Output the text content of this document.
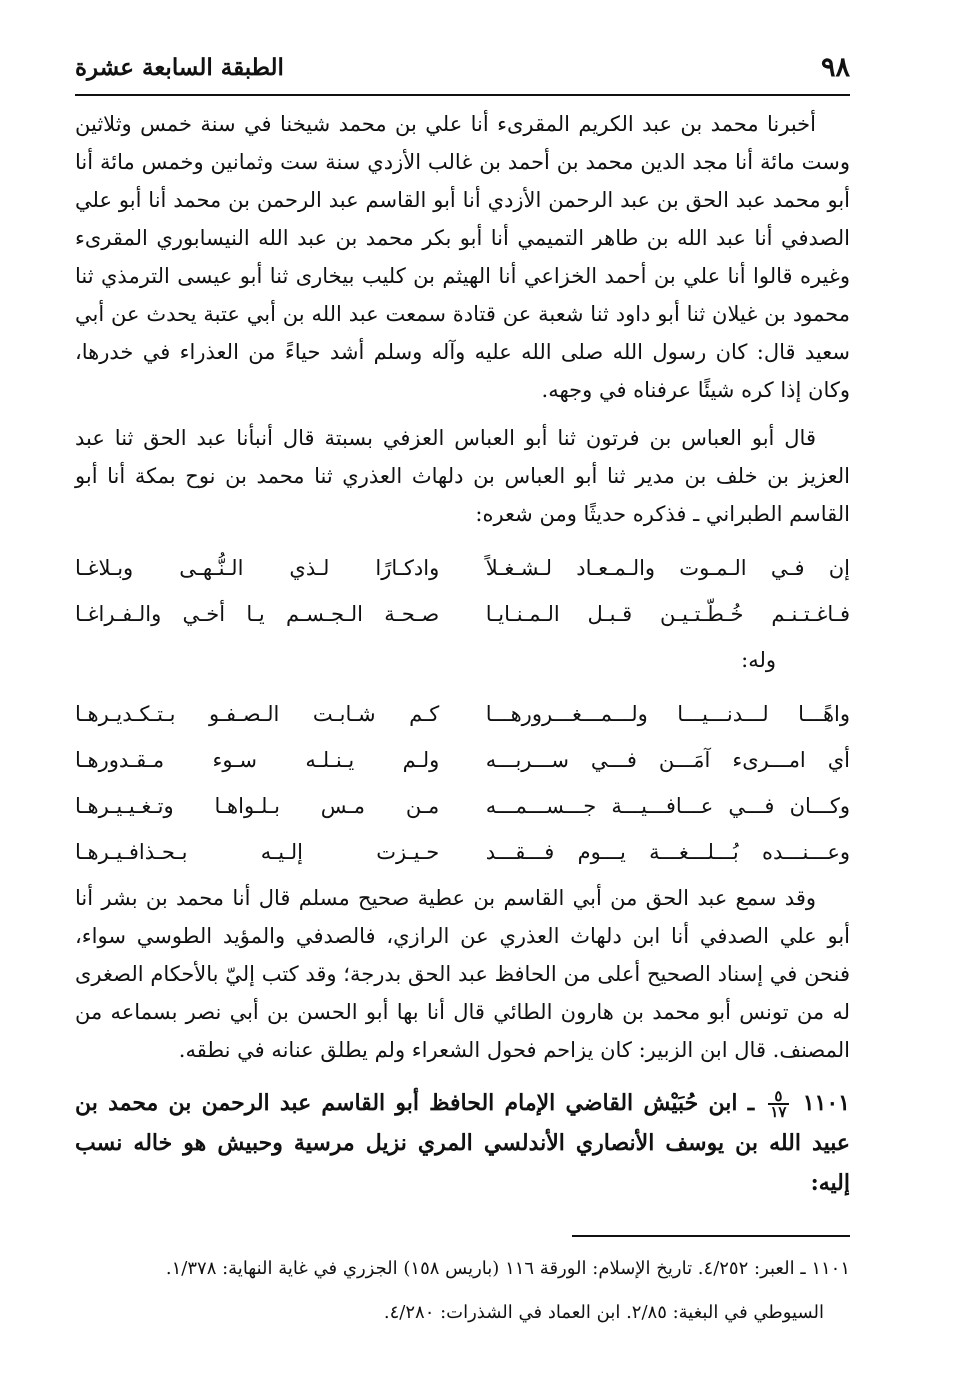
٩٨
الطبقة السابعة عشرة

أخبرنا محمد بن عبد الكريم المقرىء أنا علي بن محمد شيخنا في سنة خمس وثلاثين وست مائة أنا مجد الدين محمد بن أحمد بن غالب الأزدي سنة ست وثمانين وخمس مائة أنا أبو محمد عبد الحق بن عبد الرحمن الأزدي أنا أبو القاسم عبد الرحمن بن محمد أنا أبو علي الصدفي أنا عبد الله بن طاهر التميمي أنا أبو بكر محمد بن عبد الله النيسابوري المقرىء وغيره قالوا أنا علي بن أحمد الخزاعي أنا الهيثم بن كليب بيخارى ثنا أبو عيسى الترمذي ثنا محمود بن غيلان ثنا أبو داود ثنا شعبة عن قتادة سمعت عبد الله بن أبي عتبة يحدث عن أبي سعيد قال: كان رسول الله صلى الله عليه وآله وسلم أشد حياءً من العذراء في خدرها، وكان إذا كره شيئًا عرفناه في وجهه.

قال أبو العباس بن فرتون ثنا أبو العباس العزفي بسبتة قال أنبأنا عبد الحق ثنا عبد العزيز بن خلف بن مدير ثنا أبو العباس بن دلهاث العذري ثنا محمد بن نوح بمكة أنا أبو القاسم الطبراني ـ فذكره حديثًا ومن شعره:

إن فـي الـمـوت والـمـعـاد لـشـغـلاً
وادكـارًا لـذي الـنُّـهـى وبـلاغـا
فـاغـتـنـم خُـطّـتـيـن قـبـل الـمـنـايـا
صـحـة الـجـسـم يـا أخـي والـفـراغـا

وله:

واهًـــا لـــدنـــيـــا ولـــمـــغـــرورهـــا
كـم شـابـت الـصـفـو بـتـكـديـرهـا
أي امـــرىء آمَـــن فـــي ســـربـــه
ولـم يـنـلـه سـوء مـقـدورهـا
وكـــان فـــي عـــافـــيـــة جـــســـمـــه
مـن مـس بـلـواهـا وتـغـيـيـرهـا
وعـــنـــده بُـــلـــغـــة يـــوم فـــقـــد
حـيـزت إلـيـه بـحـذافـيـرهـا

وقد سمع عبد الحق من أبي القاسم بن عطية صحيح مسلم قال أنا محمد بن بشر أنا أبو علي الصدفي أنا ابن دلهاث العذري عن الرازي، فالصدفي والمؤيد الطوسي سواء، فنحن في إسناد الصحيح أعلى من الحافظ عبد الحق بدرجة؛ وقد كتب إليّ بالأحكام الصغرى له من تونس أبو محمد بن هارون الطائي قال أنا بها أبو الحسن بن أبي نصر بسماعه من المصنف. قال ابن الزبير: كان يزاحم فحول الشعراء ولم يطلق عنانه في نطقه.

١١٠١
$\frac{٥}{١٧}$
ـ ابن حُبَيْش القاضي الإمام الحافظ أبو القاسم عبد الرحمن بن محمد بن عبيد الله بن يوسف الأنصاري الأندلسي المري نزيل مرسية وحبيش هو خاله نسب إليه:

١١٠١ ـ العبر: ٤/٢٥٢. تاريخ الإسلام: الورقة ١١٦ (باريس ١٥٨) الجزري في غاية النهاية: ١/٣٧٨.

السيوطي في البغية: ٢/٨٥. ابن العماد في الشذرات: ٤/٢٨٠.
